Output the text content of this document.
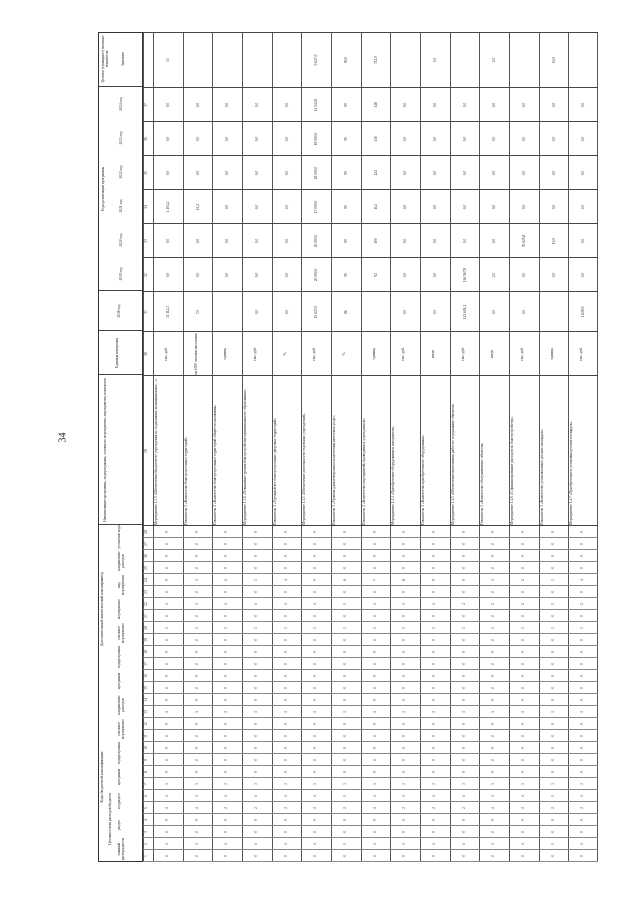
34
Коды бюджетной классификации
Целевая статья расходов бюджета
Дополнительный аналитический классификатор
главный распорядитель
раздел
подраздел
программа
подпрограмма
основное мероприятие
направление расходов
программа
подпрограмма
основное мероприятие
мероприятие
вид мероприятия
направление расходов
уточнение кода
Наименование программы, подпрограммы, основного мероприятия, мероприятия, показателя
Единица измерения
2018 год
Годы реализации программы
2019 год
2020 год
2021 год
2022 год
2023 год
2024 год
Целевое (суммарное) значение показателя	Значение
1
2
3
4
5
6
7
8
9
10
11
12
13
14
15
16
17
18
19
20
21
22
23
24
25
26
27
28
29
30
31
32
33
34
35
36
37
0
1
0
0
2
1
3
0
0
0
0
0
1
0
0
0
0
0
0
3
0
1
0
0
0
0
0
0
Мероприятие 1.3.5 «Обеспечение бюджетного учреждения по содержанию муниципальных ...»
тыс. руб.
31 112,3
0,0
0,0
2 104,2
0,0
0,0
0,0
33
0
1
0
0
2
1
3
0
0
0
0
0
1
0
0
0
0
0
0
3
0
1
0
1
0
0
0
0
Показатель 1 «Количество благоустроенных территорий»
на 1000 человек населения
7,0
0,0
0,0
16,2
0,0
0,0
0,0
0
1
0
0
2
1
3
0
0
0
0
0
1
0
0
0
0
0
0
3
0
1
0
2
0
0
0
0
Показатель 2 «Количество благоустроенных территорий общего пользования»
единиц
0,0
0,0
0,0
0,0
0,0
0,0
0
1
0
0
2
1
3
0
0
0
0
0
1
0
0
0
0
0
0
3
0
1
0
3
0
0
0
0
Мероприятие 1.3.6 «Повышение уровня благоустройства муниципального образования»
тыс. руб.
0,0
0,0
0,0
0,0
0,0
0,0
0,0
0
1
0
0
2
1
3
0
0
0
0
0
1
0
0
0
0
0
0
3
0
1
0
4
0
0
0
0
Показатель 1 «Удельный вес благоустроенных дворовых территорий»
%
0,0
0,0
0,0
0,0
0,0
0,0
0,0
0
1
0
0
2
1
3
0
0
0
0
0
1
0
0
0
0
0
0
3
0
1
0
5
0
0
0
0
Мероприятие 1.4.1 «Обеспечение деятельности отдельных учреждений»
тыс. руб.
15 627,0
20 000,0
20 000,0
17 000,0
18 000,0
18 000,0
11 543,8
9 627,0
0
1
0
0
2
1
3
0
0
0
0
0
1
0
0
0
0
0
0
3
0
1
0
6
0
0
0
0
Показатель 1 «Уровень удовлетворенности населения качеством услуг»
%
86
90
90
90
90
90
90
90,0
0
1
0
0
2
1
3
0
0
0
0
0
1
0
0
0
0
0
0
3
0
1
0
7
0
0
0
0
Показатель 2 «Количество мероприятий, проведенных учреждением»
единиц
92
100
112
124
136
148
712,0
0
1
0
0
2
1
3
0
0
0
0
0
1
0
0
0
0
0
0
3
0
1
0
8
0
0
0
0
Мероприятие 1.4.4 «Приобретение оборудования и материалов»
тыс. руб.
0,0
0,0
0,0
0,0
0,0
0,0
0,0
0
1
0
0
2
1
3
0
0
0
0
0
1
0
0
0
0
0
0
3
0
1
0
9
0
0
0
0
Показатель 1 «Количество приобретенного оборудования»
штук
0,0
0,0
0,0
0,0
0,0
0,0
0,0
0,0
0
1
0
0
2
1
3
0
0
0
0
0
1
0
0
0
0
0
0
3
0
2
0
0
0
0
0
0
Мероприятие 1.4.5 «Обеспечение выполнения работ по содержанию объектов»
тыс. руб.
112 691,2
126 967,8
0,0
0,0
0,0
0,0
0,0
0
1
0
0
2
1
3
0
0
0
0
0
1
0
0
0
0
0
0
3
0
2
0
1
0
0
0
0
Показатель 1 «Количество обслуживаемых объектов»
штук
0,0
2,0
0,0
0,0
0,0
0,0
0,0
2,0
0
1
0
0
2
1
3
0
0
0
0
0
1
0
0
0
0
0
0
3
0
2
0
2
0
0
0
0
Мероприятие 1.4.6 «Софинансирование расходов по благоустройству»
тыс. руб.
0,0
0,0
76 625,8
0,0
0,0
0,0
0,0
0
1
0
0
2
1
3
0
0
0
0
0
1
0
0
0
0
0
0
3
0
2
0
3
0
0
0
0
Показатель 1 «Количество установленных детских площадок»
единиц
0,0
10,0
0,0
0,0
0,0
0,0
10,0
0
1
0
0
2
1
3
0
0
0
0
0
1
0
0
0
0
0
0
3
0
2
0
4
0
0
0
0
Мероприятие 1.4.7 «Приобретение и установка детских площадок»
тыс. руб.
4 828,9
0,0
0,0
0,0
0,0
0,0
0,0
